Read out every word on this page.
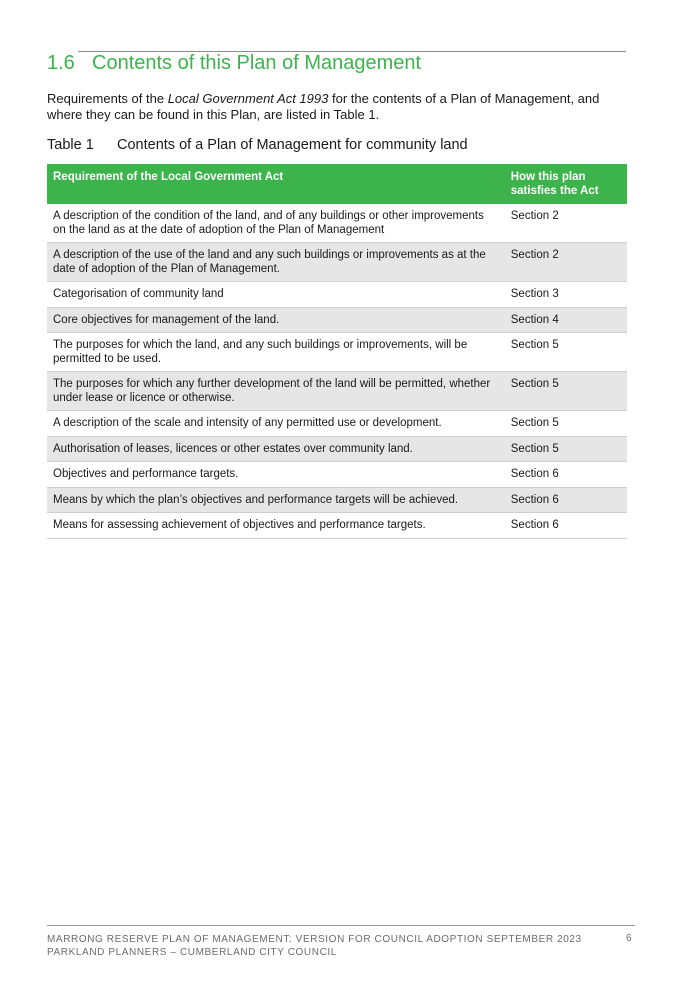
1.6 Contents of this Plan of Management

Requirements of the Local Government Act 1993 for the contents of a Plan of Management, and where they can be found in this Plan, are listed in Table 1.

Table 1 Contents of a Plan of Management for community land
Requirement of the Local Government Act	How this plan satisfies the Act
A description of the condition of the land, and of any buildings or other improvements on the land as at the date of adoption of the Plan of Management	Section 2
A description of the use of the land and any such buildings or improvements as at the date of adoption of the Plan of Management.	Section 2
Categorisation of community land	Section 3
Core objectives for management of the land.	Section 4
The purposes for which the land, and any such buildings or improvements, will be permitted to be used.	Section 5
The purposes for which any further development of the land will be permitted, whether under lease or licence or otherwise.	Section 5
A description of the scale and intensity of any permitted use or development.	Section 5
Authorisation of leases, licences or other estates over community land.	Section 5
Objectives and performance targets.	Section 6
Means by which the plan’s objectives and performance targets will be achieved.	Section 6
Means for assessing achievement of objectives and performance targets.	Section 6
MARRONG RESERVE PLAN OF MANAGEMENT: VERSION FOR COUNCIL ADOPTION SEPTEMBER 2023
PARKLAND PLANNERS – CUMBERLAND CITY COUNCIL
6
